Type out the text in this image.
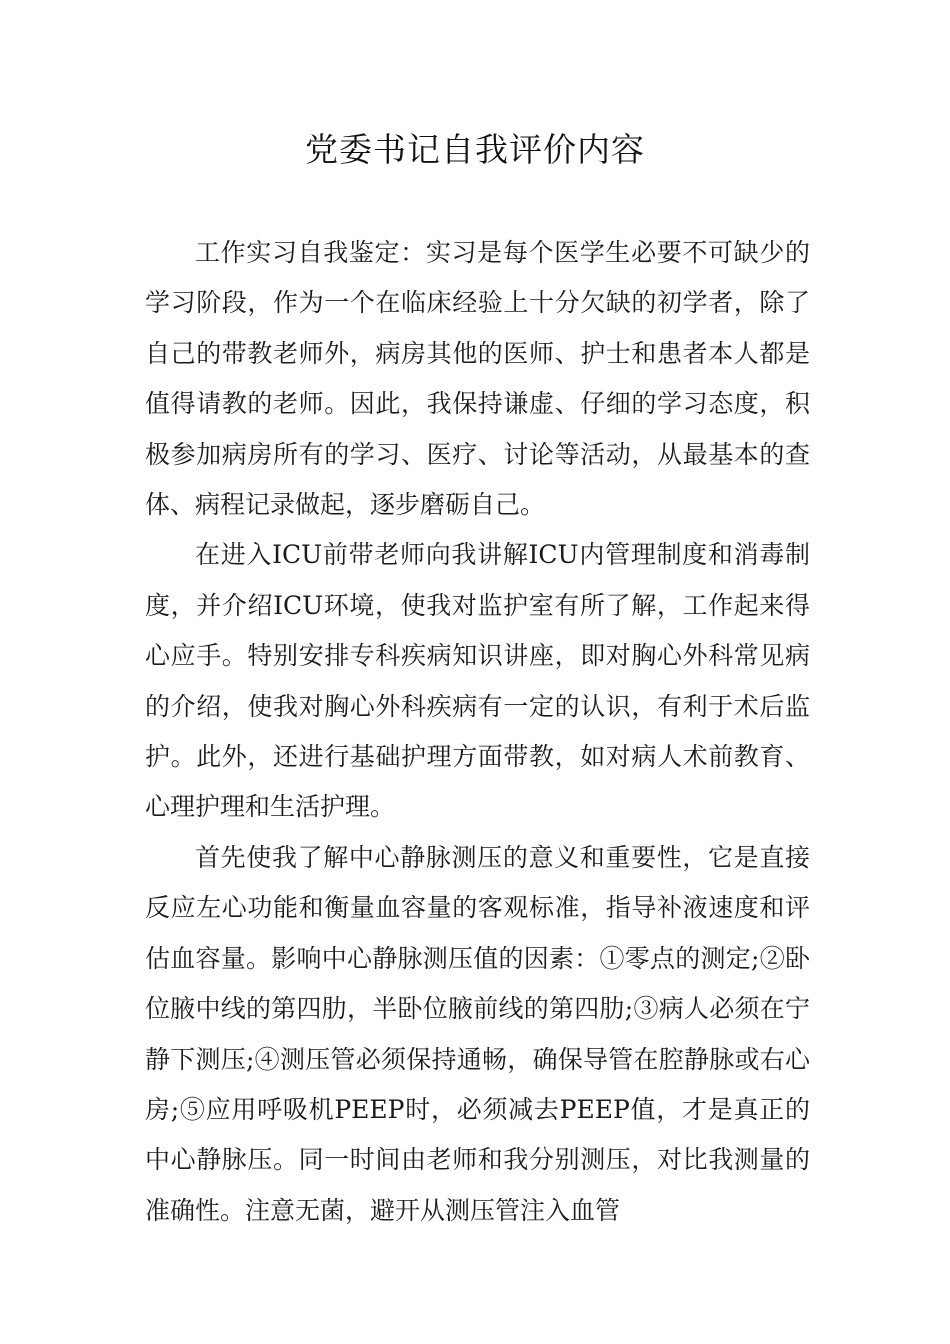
党委书记自我评价内容

工作实习自我鉴定：实习是每个医学生必要不可缺少的学习阶段，作为一个在临床经验上十分欠缺的初学者，除了自己的带教老师外，病房其他的医师、护士和患者本人都是值得请教的老师。因此，我保持谦虚、仔细的学习态度，积极参加病房所有的学习、医疗、讨论等活动，从最基本的查体、病程记录做起，逐步磨砺自己。

在进入ICU前带老师向我讲解ICU内管理制度和消毒制度，并介绍ICU环境，使我对监护室有所了解，工作起来得心应手。特别安排专科疾病知识讲座，即对胸心外科常见病的介绍，使我对胸心外科疾病有一定的认识，有利于术后监护。此外，还进行基础护理方面带教，如对病人术前教育、心理护理和生活护理。

首先使我了解中心静脉测压的意义和重要性，它是直接反应左心功能和衡量血容量的客观标准，指导补液速度和评估血容量。影响中心静脉测压值的因素：①零点的测定;②卧位腋中线的第四肋，半卧位腋前线的第四肋;③病人必须在宁静下测压;④测压管必须保持通畅，确保导管在腔静脉或右心房;⑤应用呼吸机PEEP时，必须减去PEEP值，才是真正的中心静脉压。同一时间由老师和我分别测压，对比我测量的准确性。注意无菌，避开从测压管注入血管
